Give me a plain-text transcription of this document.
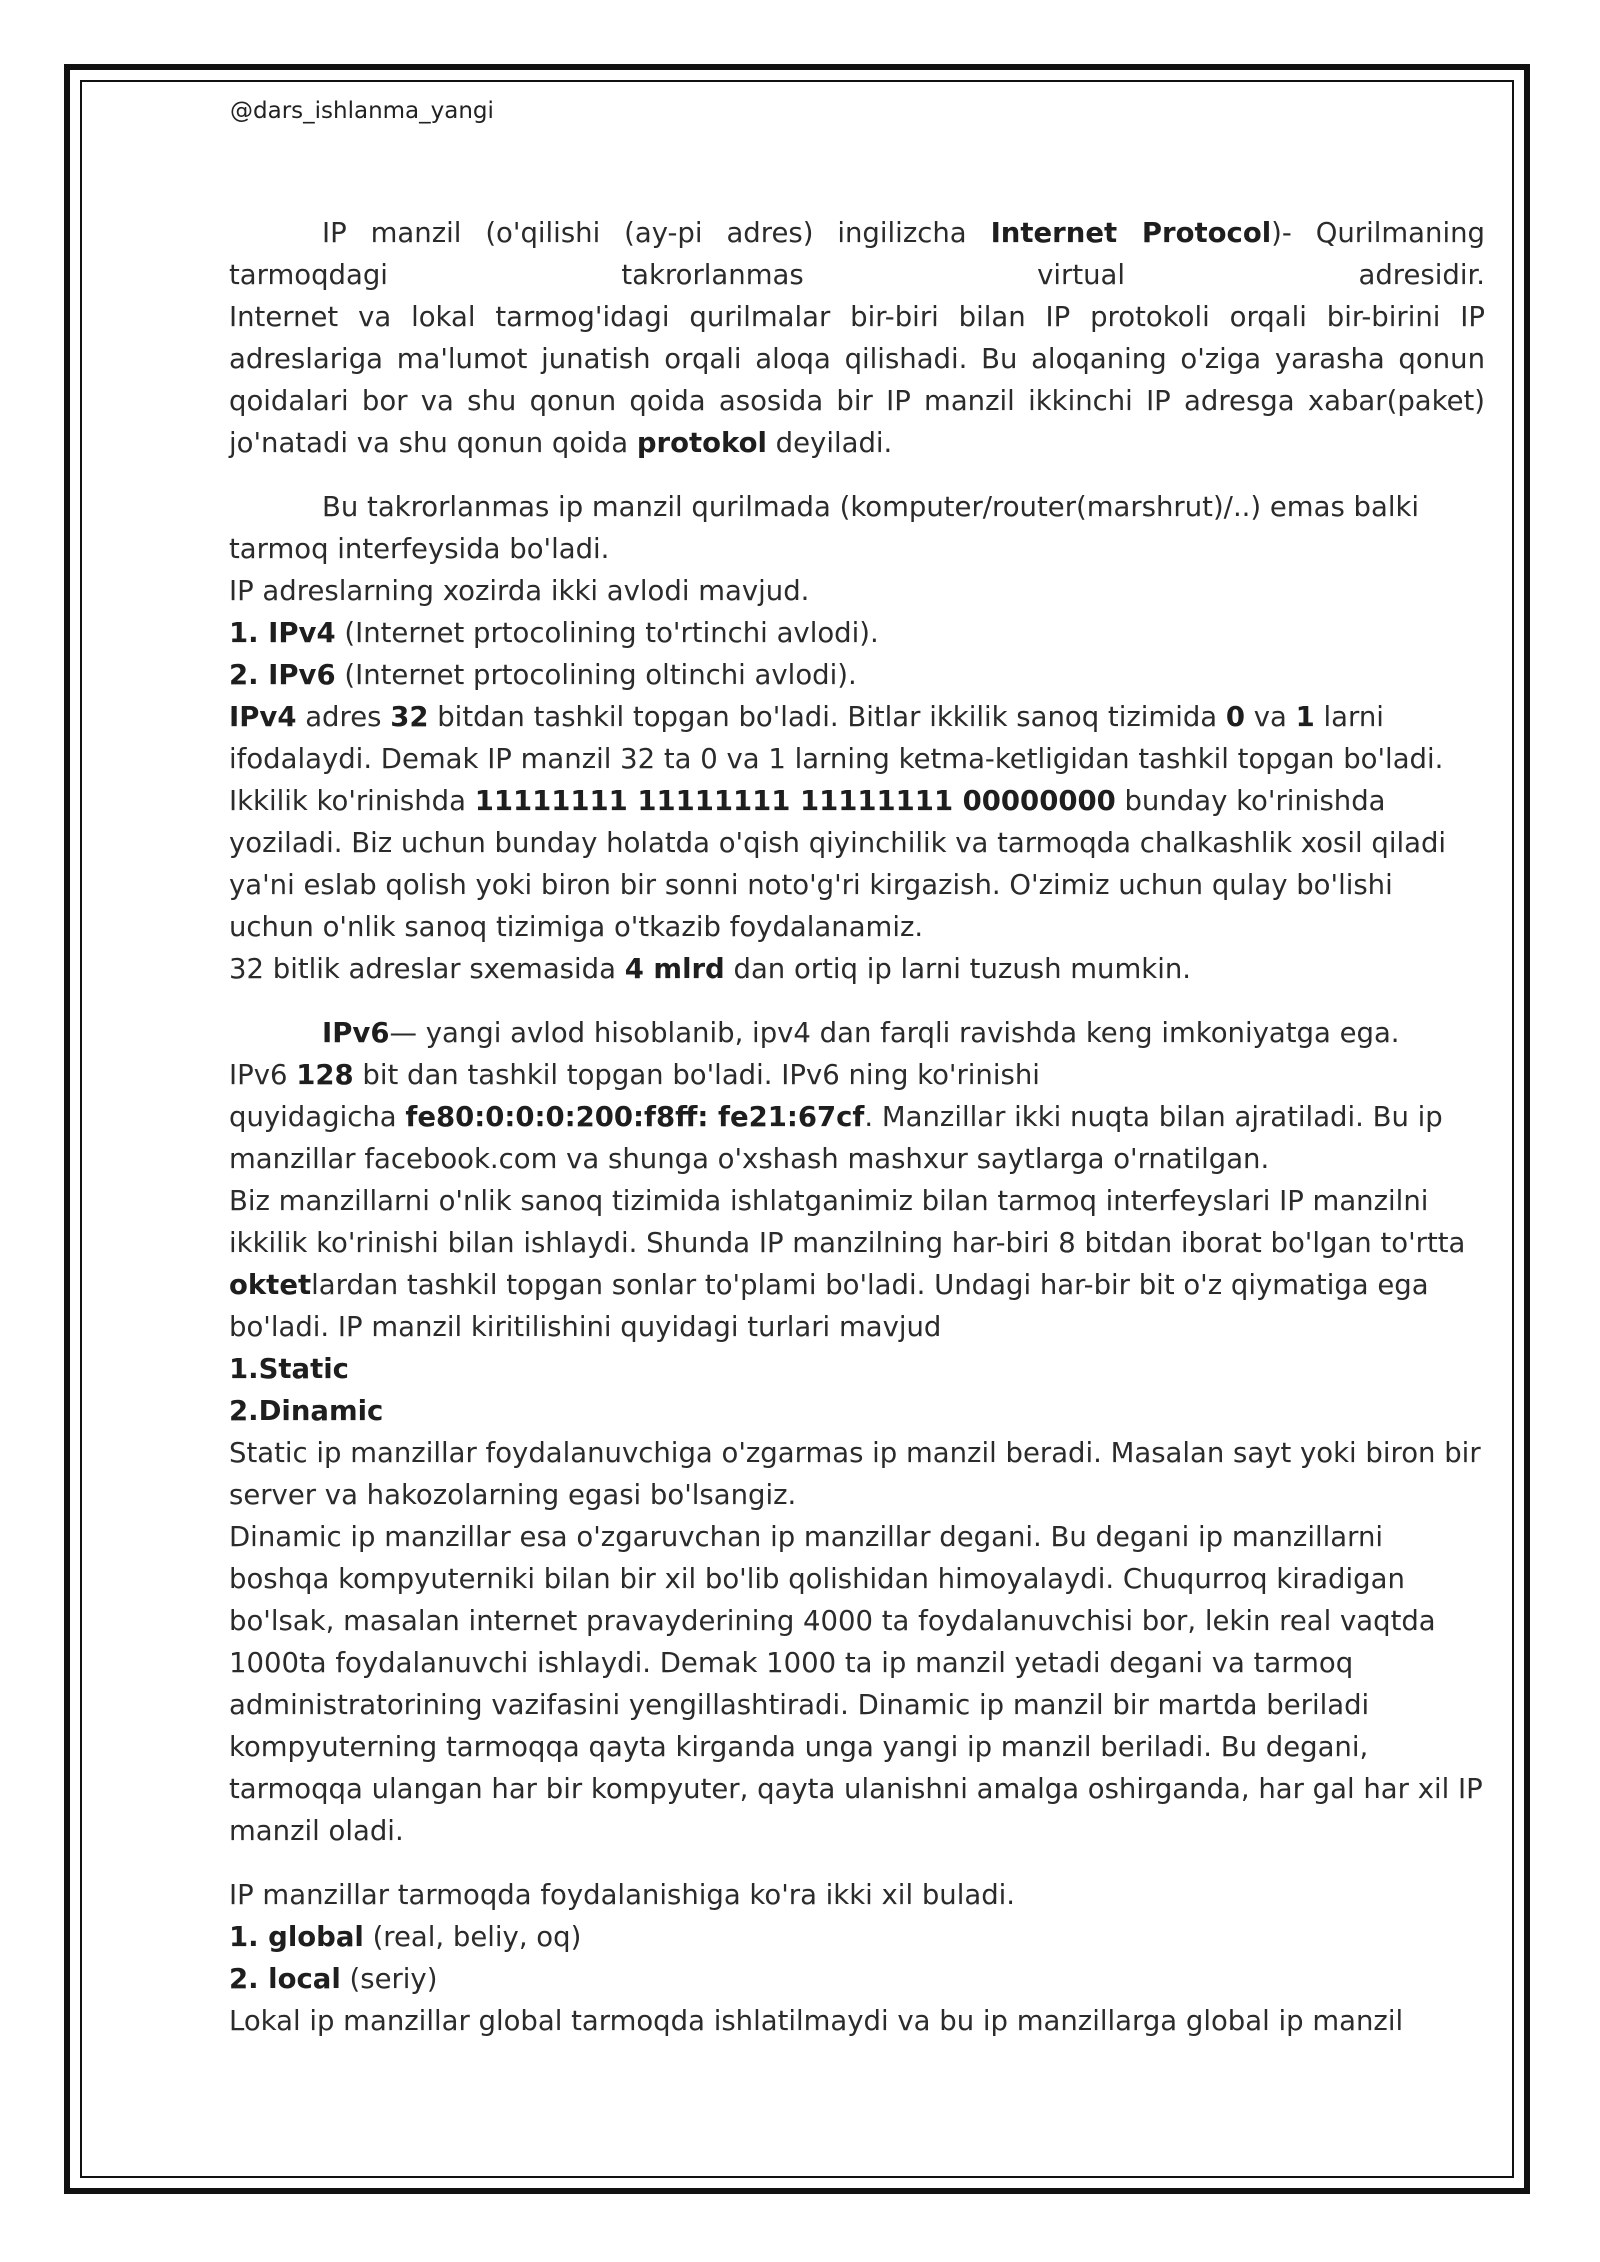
@dars_ishlanma_yangi

IP manzil (o'qilishi (ay-pi adres) ingilizcha Internet Protocol)- Qurilmaning tarmoqdagi takrorlanmas virtual adresidir.

Internet va lokal tarmog'idagi qurilmalar bir-biri bilan IP protokoli orqali bir-birini IP adreslariga ma'lumot junatish orqali aloqa qilishadi. Bu aloqaning o'ziga yarasha qonun qoidalari bor va shu qonun qoida asosida bir IP manzil ikkinchi IP adresga xabar(paket) jo'natadi va shu qonun qoida protokol deyiladi.

Bu takrorlanmas ip manzil qurilmada (komputer/router(marshrut)/..) emas balki tarmoq interfeysida bo'ladi.

IP adreslarning xozirda ikki avlodi mavjud.

1. IPv4 (Internet prtocolining to'rtinchi avlodi).

2. IPv6 (Internet prtocolining oltinchi avlodi).

IPv4 adres 32 bitdan tashkil topgan bo'ladi. Bitlar ikkilik sanoq tizimida 0 va 1 larni ifodalaydi. Demak IP manzil 32 ta 0 va 1 larning ketma-ketligidan tashkil topgan bo'ladi. Ikkilik ko'rinishda 11111111 11111111 11111111 00000000 bunday ko'rinishda yoziladi. Biz uchun bunday holatda o'qish qiyinchilik va tarmoqda chalkashlik xosil qiladi ya'ni eslab qolish yoki biron bir sonni noto'g'ri kirgazish. O'zimiz uchun qulay bo'lishi uchun o'nlik sanoq tizimiga o'tkazib foydalanamiz.

32 bitlik adreslar sxemasida 4 mlrd dan ortiq ip larni tuzush mumkin.

IPv6— yangi avlod hisoblanib, ipv4 dan farqli ravishda keng imkoniyatga ega.

IPv6 128 bit dan tashkil topgan bo'ladi. IPv6 ning ko'rinishi

quyidagicha fe80:0:0:0:200:f8ff: fe21:67cf. Manzillar ikki nuqta bilan ajratiladi. Bu ip manzillar facebook.com va shunga o'xshash mashxur saytlarga o'rnatilgan.

Biz manzillarni o'nlik sanoq tizimida ishlatganimiz bilan tarmoq interfeyslari IP manzilni ikkilik ko'rinishi bilan ishlaydi. Shunda IP manzilning har-biri 8 bitdan iborat bo'lgan to'rtta oktetlardan tashkil topgan sonlar to'plami bo'ladi. Undagi har-bir bit o'z qiymatiga ega bo'ladi. IP manzil kiritilishini quyidagi turlari mavjud

1.Static

2.Dinamic

Static ip manzillar foydalanuvchiga o'zgarmas ip manzil beradi. Masalan sayt yoki biron bir server va hakozolarning egasi bo'lsangiz.

Dinamic ip manzillar esa o'zgaruvchan ip manzillar degani. Bu degani ip manzillarni boshqa kompyuterniki bilan bir xil bo'lib qolishidan himoyalaydi. Chuqurroq kiradigan bo'lsak, masalan internet pravayderining 4000 ta foydalanuvchisi bor, lekin real vaqtda 1000ta foydalanuvchi ishlaydi. Demak 1000 ta ip manzil yetadi degani va tarmoq administratorining vazifasini yengillashtiradi. Dinamic ip manzil bir martda beriladi kompyuterning tarmoqqa qayta kirganda unga yangi ip manzil beriladi. Bu degani, tarmoqqa ulangan har bir kompyuter, qayta ulanishni amalga oshirganda, har gal har xil IP manzil oladi.

IP manzillar tarmoqda foydalanishiga ko'ra ikki xil buladi.

1. global (real, beliy, oq)

2. local (seriy)

Lokal ip manzillar global tarmoqda ishlatilmaydi va bu ip manzillarga global ip manzil
